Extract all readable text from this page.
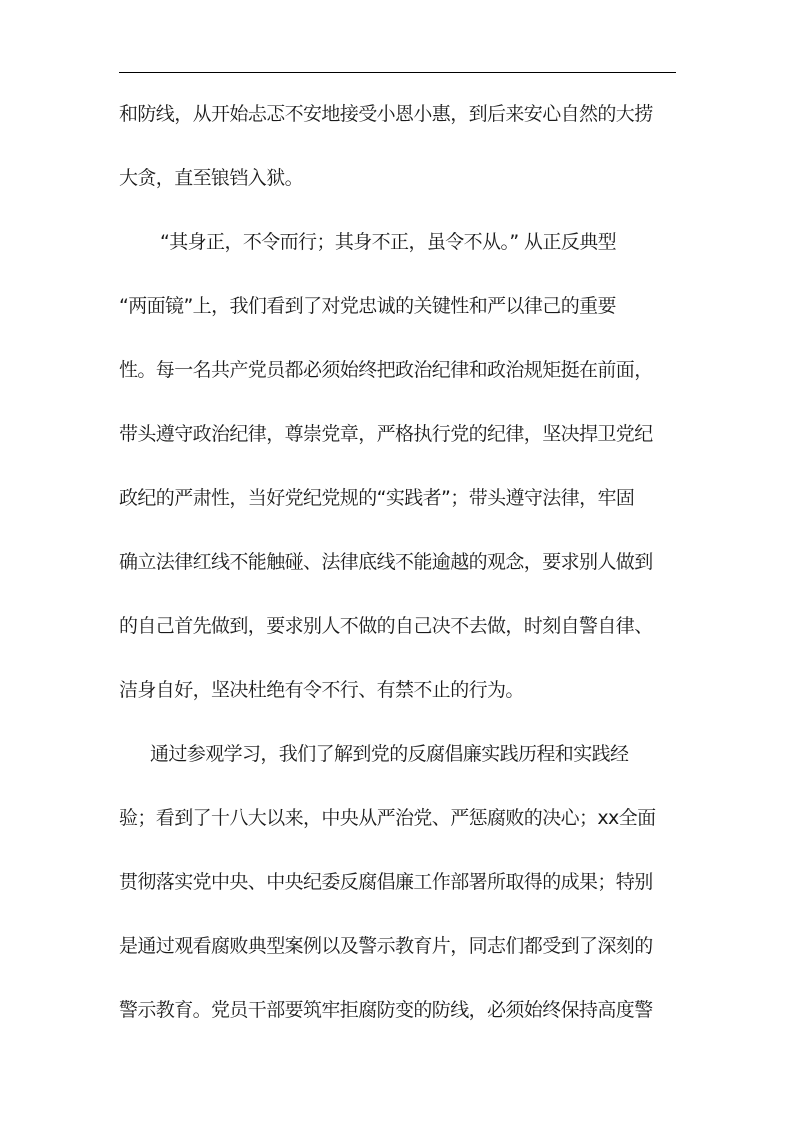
和防线，从开始忐忑不安地接受小恩小惠，到后来安心自然的大捞
大贪，直至锒铛入狱。
“其身正，不令而行；其身不正，虽令不从。” 从正反典型
“两面镜”上，我们看到了对党忠诚的关键性和严以律己的重要
性。每一名共产党员都必须始终把政治纪律和政治规矩挺在前面，
带头遵守政治纪律，尊崇党章，严格执行党的纪律，坚决捍卫党纪
政纪的严肃性，当好党纪党规的“实践者”；带头遵守法律，牢固
确立法律红线不能触碰、法律底线不能逾越的观念，要求别人做到
的自己首先做到，要求别人不做的自己决不去做，时刻自警自律、
洁身自好，坚决杜绝有令不行、有禁不止的行为。
通过参观学习，我们了解到党的反腐倡廉实践历程和实践经
验；看到了十八大以来，中央从严治党、严惩腐败的决心；xx全面
贯彻落实党中央、中央纪委反腐倡廉工作部署所取得的成果；特别
是通过观看腐败典型案例以及警示教育片，同志们都受到了深刻的
警示教育。党员干部要筑牢拒腐防变的防线，必须始终保持高度警
